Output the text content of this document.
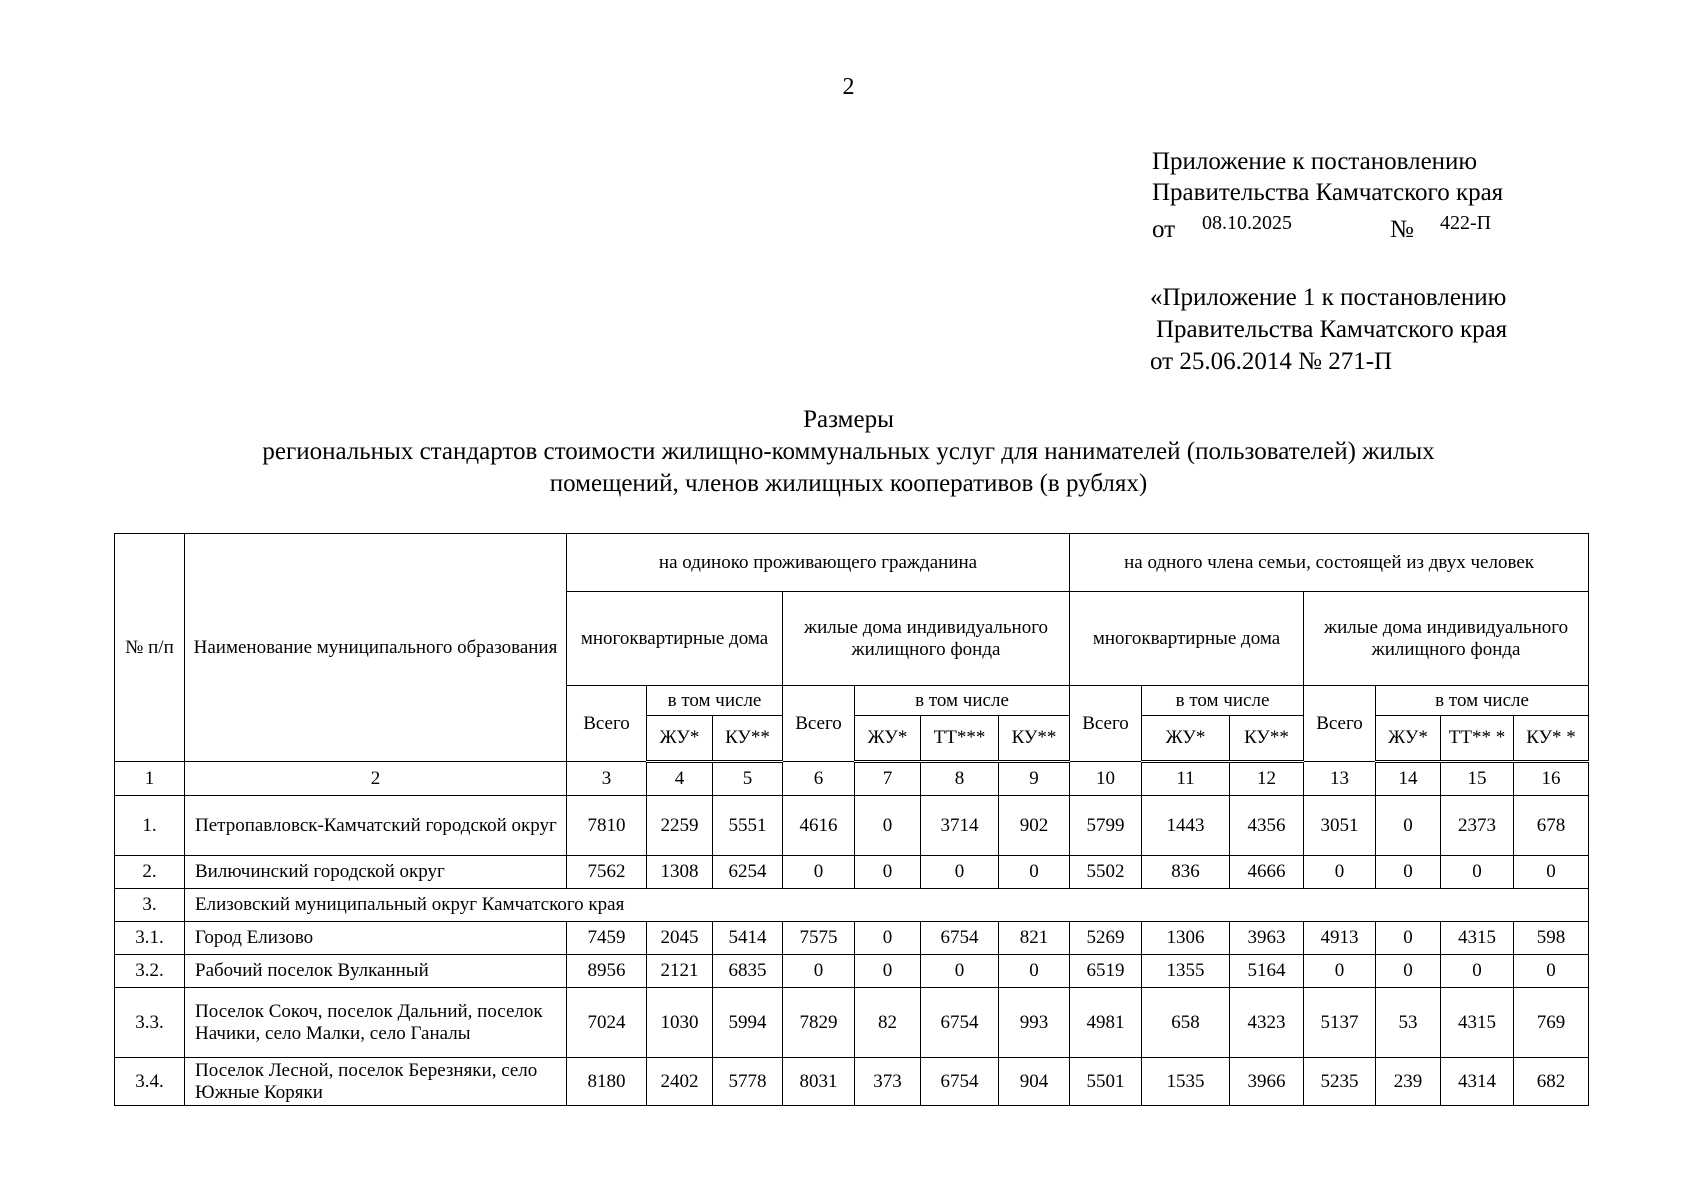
2
Приложение к постановлению
Правительства Камчатского края
от 08.10.2025	№ 422-П
«Приложение 1 к постановлению
Правительства Камчатского края
от 25.06.2014 № 271-П
Размеры
региональных стандартов стоимости жилищно-коммунальных услуг для нанимателей (пользователей) жилых
помещений, членов жилищных кооперативов (в рублях)
№ п/п	Наименование муниципального образования	на одиноко проживающего гражданина							на одного члена семьи, состоящей из двух человек						
		многоквартирные дома			жилые дома индивидуального жилищного фонда				многоквартирные дома			жилые дома индивидуального жилищного фонда			
		Всего	в том числе		Всего	в том числе			Всего	в том числе		Всего	в том числе		
			ЖУ*	КУ**		ЖУ*	ТТ***	КУ**		ЖУ*	КУ**		ЖУ*	ТТ** *	КУ* *
1	2	3	4	5	6	7	8	9	10	11	12	13	14	15	16
1.	Петропавловск-Камчатский городской округ	7810	2259	5551	4616	0	3714	902	5799	1443	4356	3051	0	2373	678
2.	Вилючинский городской округ	7562	1308	6254	0	0	0	0	5502	836	4666	0	0	0	0
3.	Елизовский муниципальный округ Камчатского края														
3.1.	Город Елизово	7459	2045	5414	7575	0	6754	821	5269	1306	3963	4913	0	4315	598
3.2.	Рабочий поселок Вулканный	8956	2121	6835	0	0	0	0	6519	1355	5164	0	0	0	0
3.3.	Поселок Сокоч, поселок Дальний, поселок Начики, село Малки, село Ганалы	7024	1030	5994	7829	82	6754	993	4981	658	4323	5137	53	4315	769
3.4.	Поселок Лесной, поселок Березняки, село Южные Коряки	8180	2402	5778	8031	373	6754	904	5501	1535	3966	5235	239	4314	682
